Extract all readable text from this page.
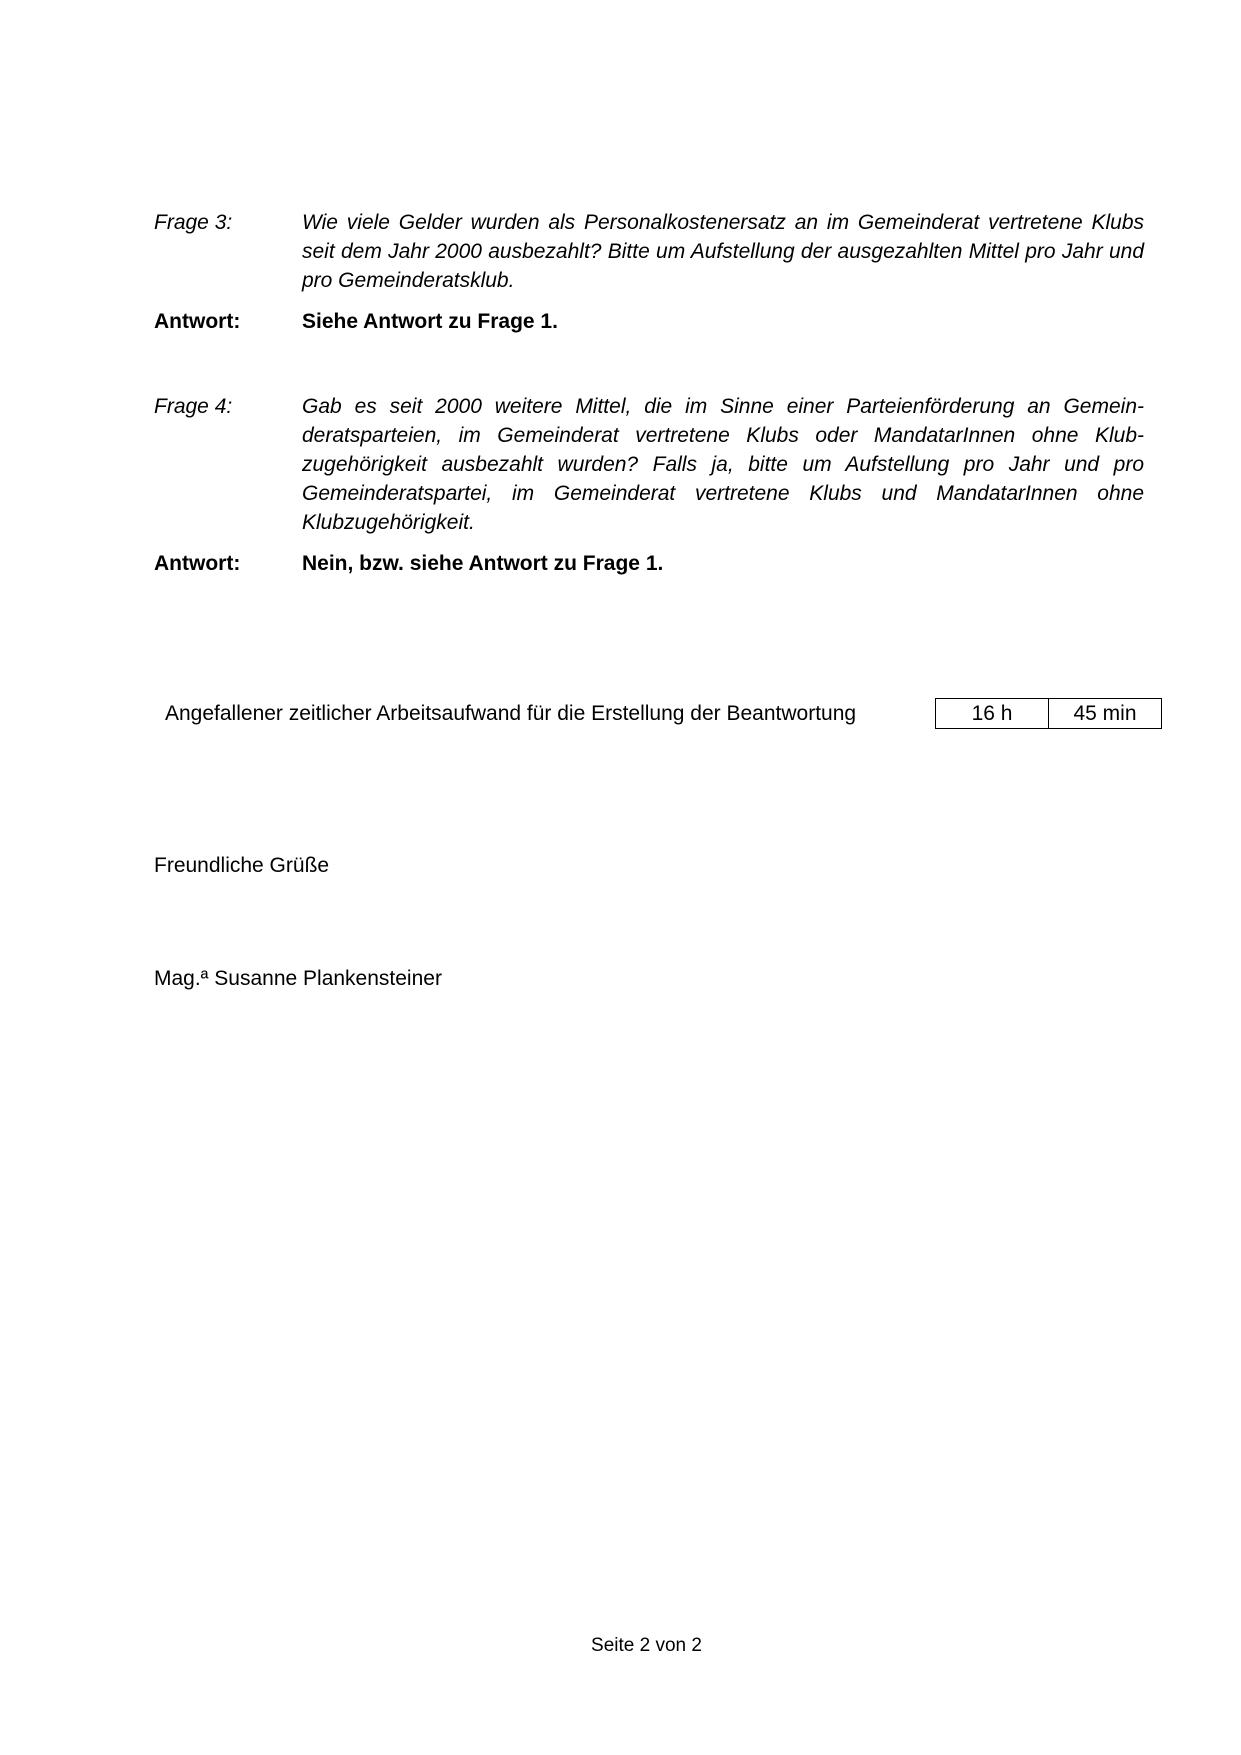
Frage 3:	Wie viele Gelder wurden als Personalkostenersatz an im Gemeinderat vertretene Klubs seit dem Jahr 2000 ausbezahlt? Bitte um Aufstellung der ausgezahlten Mittel pro Jahr und pro Gemeinderatsklub.
Antwort:	Siehe Antwort zu Frage 1.
Frage 4:	Gab es seit 2000 weitere Mittel, die im Sinne einer Parteienförderung an Gemeinderatsparteien, im Gemeinderat vertretene Klubs oder MandatarInnen ohne Klubzugehörigkeit ausbezahlt wurden? Falls ja, bitte um Aufstellung pro Jahr und pro Gemeinderatspartei, im Gemeinderat vertretene Klubs und MandatarInnen ohne Klubzugehörigkeit.
Antwort:	Nein, bzw. siehe Antwort zu Frage 1.
Angefallener zeitlicher Arbeitsaufwand für die Erstellung der Beantwortung	16 h	45 min
Freundliche Grüße
Mag.ª Susanne Plankensteiner
Seite 2 von 2
